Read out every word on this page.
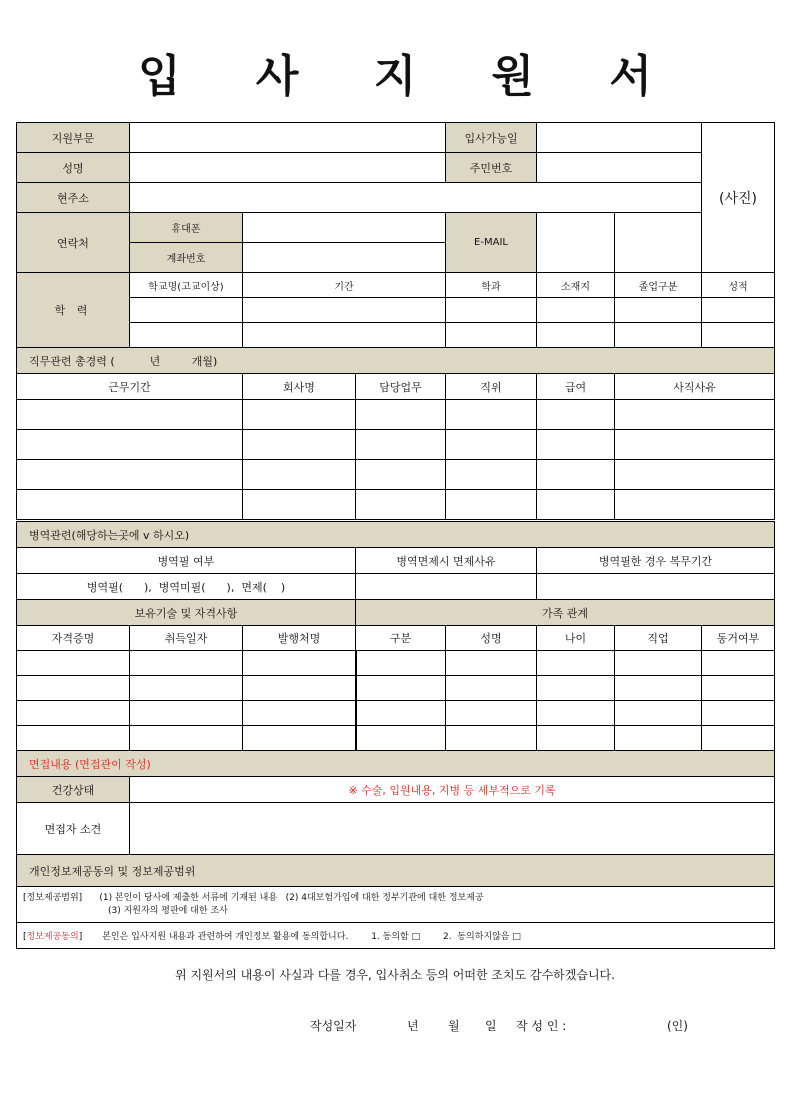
입 사 지 원 서
지원부문				입사가능일			(사진)
성명				주민번호			
현주소							
연락처	휴대폰			E-MAIL			
	계좌번호						
학 력	학교명(고교이상)	기간		학과	소재지	졸업구분	성적

직무관련 총경력 (          년         개월)							
근무기간		회사명	담당업무	직위	급여	사직사유	

병역관련(해당하는곳에 v 하시오)							
병역필 여부			병역면제시 면제사유		병역필한 경우 복무기간		
병역필(      ),  병역미필(      ),  면제(    )							
보유기술 및 자격사항			가족 관계				
자격증명	취득일자	발행처명	구분	성명	나이	직업	동거여부

면접내용 (면접관이 작성)							
건강상태	※ 수술, 입원내용, 지병 등 세부적으로 기록						
면접자 소견							
개인정보제공동의 및 정보제공범위							
[정보제공범위] (1) 본인이 당사에 제출한 서류에 기재된 내용   (2) 4대보험가입에 대한 정부기관에 대한 정보제공
(3) 지원자의 평판에 대한 조사							
[정보제공동의]       본인은 입사지원 내용과 관련하여 개인정보 활용에 동의합니다. 1. 동의함 □ 2.  동의하지않음 □							
위 지원서의 내용이 사실과 다를 경우, 입사취소 등의 어떠한 조치도 감수하겠습니다.
작성일자	년 월 일 작 성 인 :	(인)
